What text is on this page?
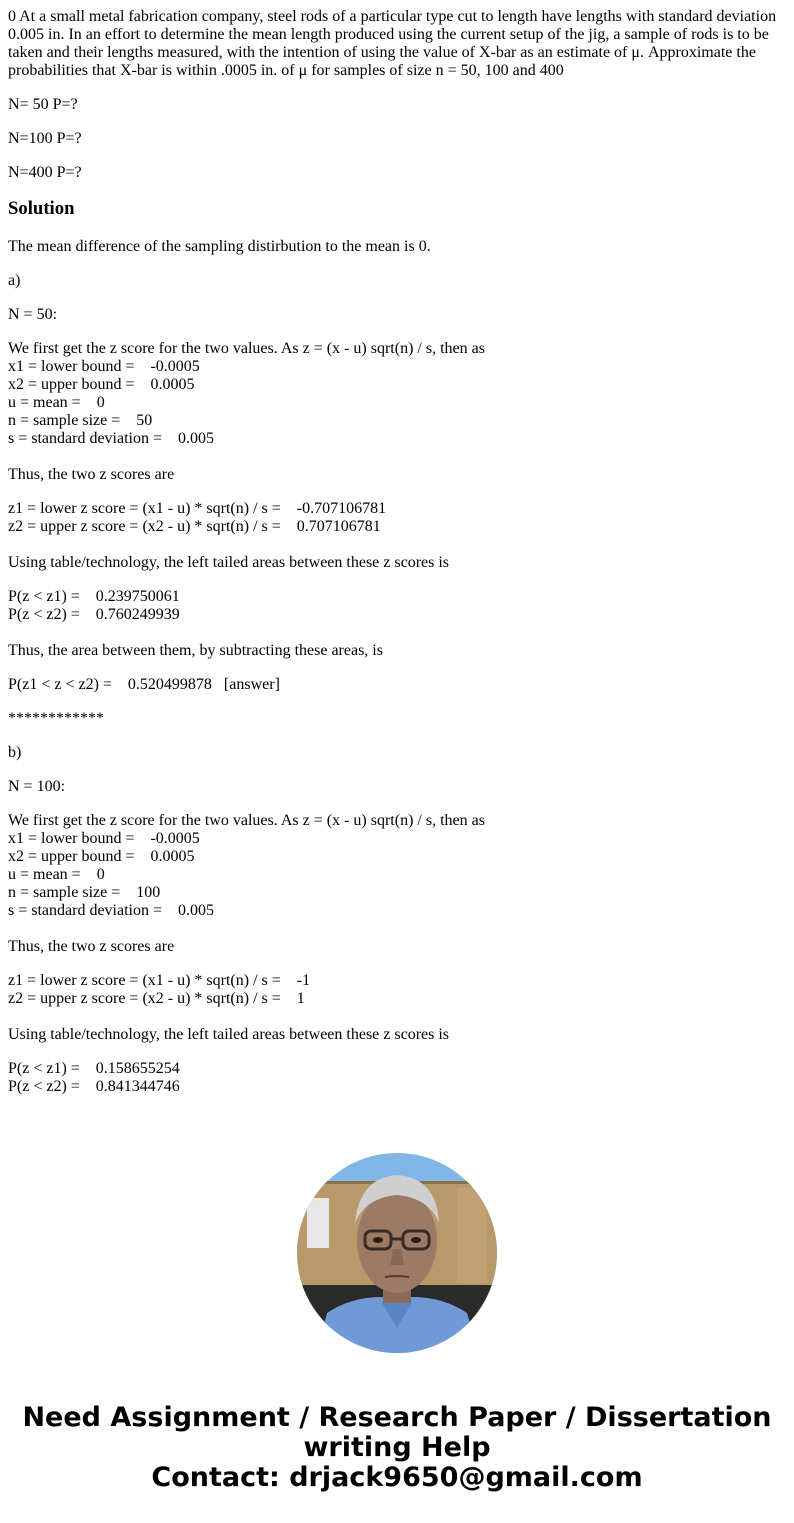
0 At a small metal fabrication company, steel rods of a particular type cut to length have lengths with standard deviation 0.005 in. In an effort to determine the mean length produced using the current setup of the jig, a sample of rods is to be taken and their lengths measured, with the intention of using the value of X-bar as an estimate of μ. Approximate the probabilities that X-bar is within .0005 in. of μ for samples of size n = 50, 100 and 400

N= 50 P=?

N=100 P=?

N=400 P=?

Solution

The mean difference of the sampling distirbution to the mean is 0.

a)

N = 50:

We first get the z score for the two values. As z = (x - u) sqrt(n) / s, then as
x1 = lower bound =    -0.0005
x2 = upper bound =    0.0005
u = mean =    0
n = sample size =    50
s = standard deviation =    0.005

Thus, the two z scores are

z1 = lower z score = (x1 - u) * sqrt(n) / s =    -0.707106781
z2 = upper z score = (x2 - u) * sqrt(n) / s =    0.707106781

Using table/technology, the left tailed areas between these z scores is

P(z < z1) =    0.239750061
P(z < z2) =    0.760249939

Thus, the area between them, by subtracting these areas, is

P(z1 < z < z2) =    0.520499878   [answer]

************

b)

N = 100:

We first get the z score for the two values. As z = (x - u) sqrt(n) / s, then as
x1 = lower bound =    -0.0005
x2 = upper bound =    0.0005
u = mean =    0
n = sample size =    100
s = standard deviation =    0.005

Thus, the two z scores are

z1 = lower z score = (x1 - u) * sqrt(n) / s =    -1
z2 = upper z score = (x2 - u) * sqrt(n) / s =    1

Using table/technology, the left tailed areas between these z scores is

P(z < z1) =    0.158655254
P(z < z2) =    0.841344746
Need Assignment / Research Paper / Dissertation
writing Help
Contact: drjack9650@gmail.com
